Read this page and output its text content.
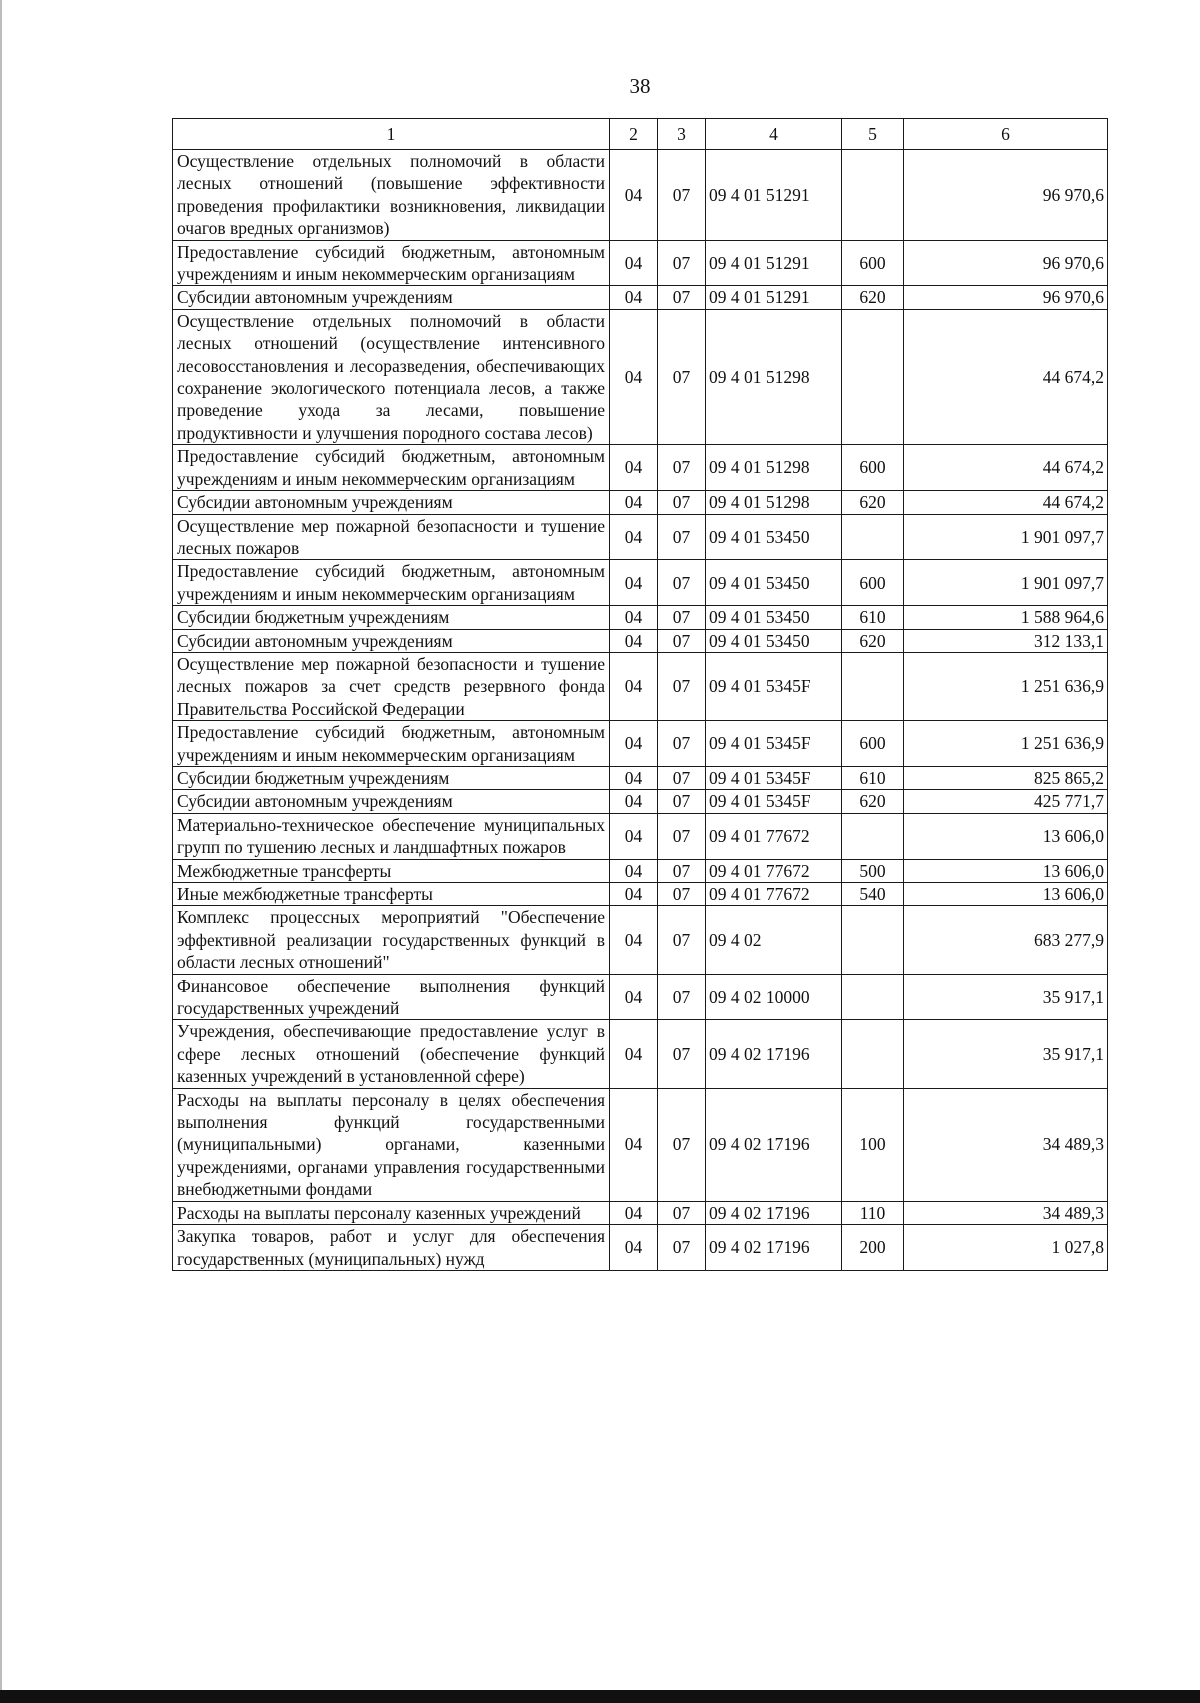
38
1	2	3	4	5	6
Осуществление отдельных полномочий в области лесных отношений (повышение эффективности проведения профилактики возникновения, ликвидации очагов вредных организмов)	04	07	09 4 01 51291		96 970,6
Предоставление субсидий бюджетным, автономным учреждениям и иным некоммерческим организациям	04	07	09 4 01 51291	600	96 970,6
Субсидии автономным учреждениям	04	07	09 4 01 51291	620	96 970,6
Осуществление отдельных полномочий в области лесных отношений (осуществление интенсивного лесовосстановления и лесоразведения, обеспечивающих сохранение экологического потенциала лесов, а также проведение ухода за лесами, повышение продуктивности и улучшения породного состава лесов)	04	07	09 4 01 51298		44 674,2
Предоставление субсидий бюджетным, автономным учреждениям и иным некоммерческим организациям	04	07	09 4 01 51298	600	44 674,2
Субсидии автономным учреждениям	04	07	09 4 01 51298	620	44 674,2
Осуществление мер пожарной безопасности и тушение лесных пожаров	04	07	09 4 01 53450		1 901 097,7
Предоставление субсидий бюджетным, автономным учреждениям и иным некоммерческим организациям	04	07	09 4 01 53450	600	1 901 097,7
Субсидии бюджетным учреждениям	04	07	09 4 01 53450	610	1 588 964,6
Субсидии автономным учреждениям	04	07	09 4 01 53450	620	312 133,1
Осуществление мер пожарной безопасности и тушение лесных пожаров за счет средств резервного фонда Правительства Российской Федерации	04	07	09 4 01 5345F		1 251 636,9
Предоставление субсидий бюджетным, автономным учреждениям и иным некоммерческим организациям	04	07	09 4 01 5345F	600	1 251 636,9
Субсидии бюджетным учреждениям	04	07	09 4 01 5345F	610	825 865,2
Субсидии автономным учреждениям	04	07	09 4 01 5345F	620	425 771,7
Материально-техническое обеспечение муниципальных групп по тушению лесных и ландшафтных пожаров	04	07	09 4 01 77672		13 606,0
Межбюджетные трансферты	04	07	09 4 01 77672	500	13 606,0
Иные межбюджетные трансферты	04	07	09 4 01 77672	540	13 606,0
Комплекс процессных мероприятий "Обеспечение эффективной реализации государственных функций в области лесных отношений"	04	07	09 4 02		683 277,9
Финансовое обеспечение выполнения функций государственных учреждений	04	07	09 4 02 10000		35 917,1
Учреждения, обеспечивающие предоставление услуг в сфере лесных отношений (обеспечение функций казенных учреждений в установленной сфере)	04	07	09 4 02 17196		35 917,1
Расходы на выплаты персоналу в целях обеспечения выполнения функций государственными (муниципальными) органами, казенными учреждениями, органами управления государственными внебюджетными фондами	04	07	09 4 02 17196	100	34 489,3
Расходы на выплаты персоналу казенных учреждений	04	07	09 4 02 17196	110	34 489,3
Закупка товаров, работ и услуг для обеспечения государственных (муниципальных) нужд	04	07	09 4 02 17196	200	1 027,8
